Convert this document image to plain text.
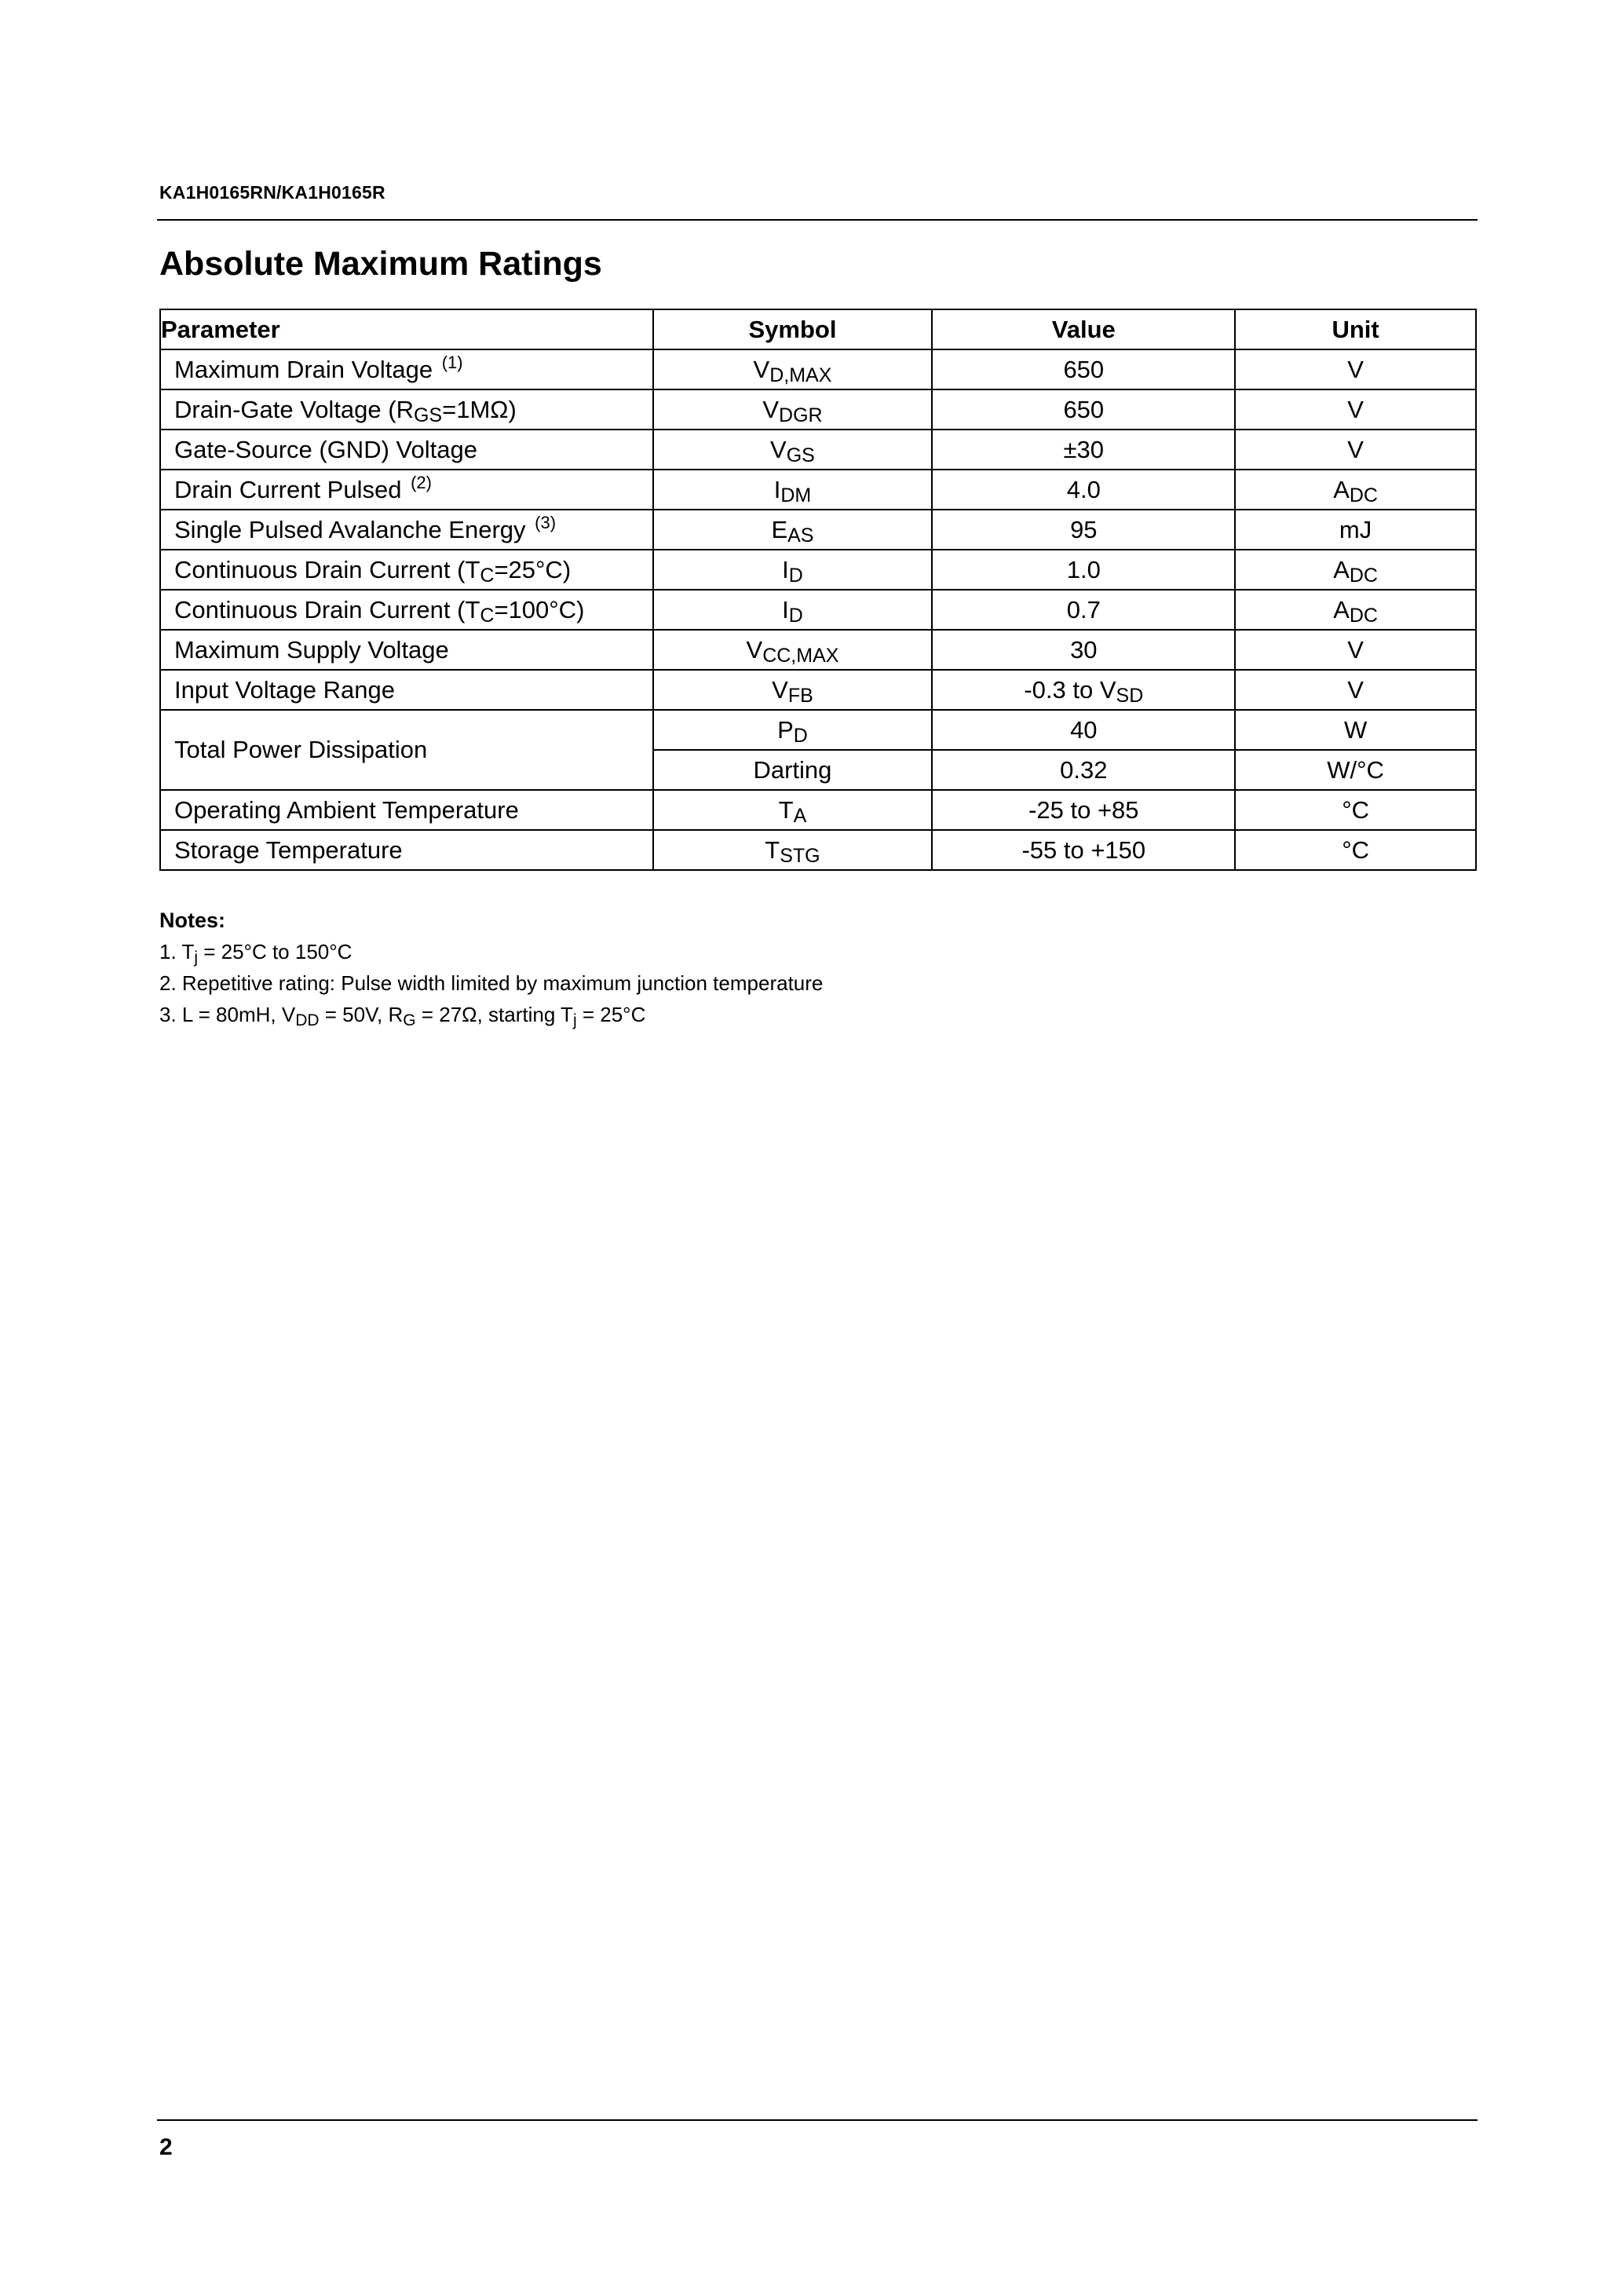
KA1H0165RN/KA1H0165R
Absolute Maximum Ratings
Parameter	Symbol	Value	Unit
Maximum Drain Voltage $^{(1)}$	$V_{D,MAX}$	650	V
Drain-Gate Voltage $(R_{GS}=1M\Omega)$	$V_{DGR}$	650	V
Gate-Source (GND) Voltage	$V_{GS}$	±30	V
Drain Current Pulsed $^{(2)}$	$I_{DM}$	4.0	$A_{DC}$
Single Pulsed Avalanche Energy $^{(3)}$	$E_{AS}$	95	mJ
Continuous Drain Current $(T_C=25^\circ C)$	$I_D$	1.0	$A_{DC}$
Continuous Drain Current $(T_C=100^\circ C)$	$I_D$	0.7	$A_{DC}$
Maximum Supply Voltage	$V_{CC,MAX}$	30	V
Input Voltage Range	$V_{FB}$	-0.3 to $V_{SD}$	V
Total Power Dissipation	$P_D$	40	W
	Darting	0.32	W/°C
Operating Ambient Temperature	$T_A$	-25 to +85	°C
Storage Temperature	$T_{STG}$	-55 to +150	°C
Notes:
1. $T_j = 25^\circ C$ to 150°C
2. Repetitive rating: Pulse width limited by maximum junction temperature
3. L = 80mH, $V_{DD} = 50V$, $R_G = 27\Omega$, starting $T_j = 25^\circ C$
2
